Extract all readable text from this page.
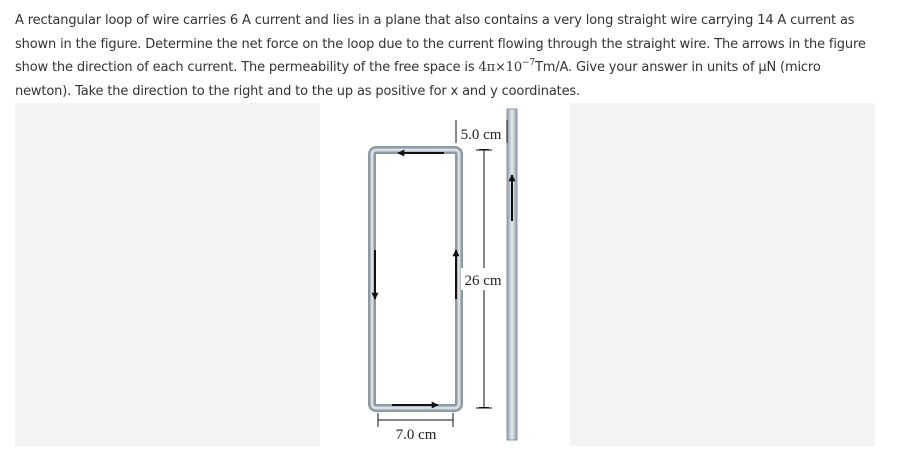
A rectangular loop of wire carries 6 A current and lies in a plane that also contains a very long straight wire carrying 14 A current as shown in the figure. Determine the net force on the loop due to the current flowing through the straight wire. The arrows in the figure show the direction of each current. The permeability of the free space is $4\pi\times 10^{-7}Tm/A$. Give your answer in units of μN (micro newton). Take the direction to the right and to the up as positive for x and y coordinates.

5.0 cm
26 cm
7.0 cm
